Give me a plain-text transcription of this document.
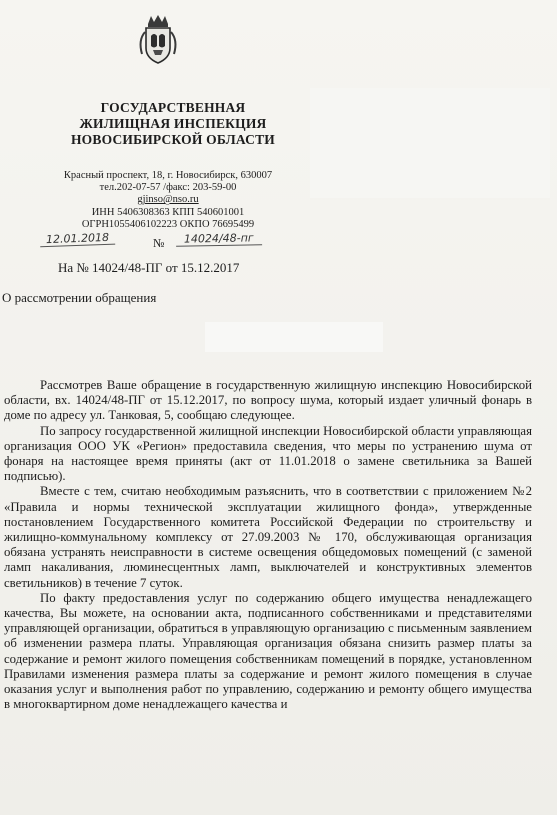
ГОСУДАРСТВЕННАЯ
ЖИЛИЩНАЯ ИНСПЕКЦИЯ
НОВОСИБИРСКОЙ ОБЛАСТИ
Красный проспект, 18, г. Новосибирск, 630007
тел.202-07-57 /факс: 203-59-00
gjinso@nso.ru
ИНН 5406308363 КПП 540601001
ОГРН1055406102223 ОКПО 76695499
12.01.2018	№	14024/48-пг
На № 14024/48-ПГ от 15.12.2017
О рассмотрении обращения

Рассмотрев Ваше обращение в государственную жилищную инспекцию Новосибирской области, вх. 14024/48-ПГ от 15.12.2017, по вопросу шума, который издает уличный фонарь в доме по адресу ул. Танковая, 5, сообщаю следующее.

По запросу государственной жилищной инспекции Новосибирской области управляющая организация ООО УК «Регион» предоставила сведения, что меры по устранению шума от фонаря на настоящее время приняты (акт от 11.01.2018 о замене светильника за Вашей подписью).

Вместе с тем, считаю необходимым разъяснить, что в соответствии с приложением №2 «Правила и нормы технической эксплуатации жилищного фонда», утвержденные постановлением Государственного комитета Российской Федерации по строительству и жилищно-коммунальному комплексу от 27.09.2003 № 170, обслуживающая организация обязана устранять неисправности в системе освещения общедомовых помещений (с заменой ламп накаливания, люминесцентных ламп, выключателей и конструктивных элементов светильников) в течение 7 суток.

По факту предоставления услуг по содержанию общего имущества ненадлежащего качества, Вы можете, на основании акта, подписанного собственниками и представителями управляющей организации, обратиться в управляющую организацию с письменным заявлением об изменении размера платы. Управляющая организация обязана снизить размер платы за содержание и ремонт жилого помещения собственникам помещений в порядке, установленном Правилами изменения размера платы за содержание и ремонт жилого помещения в случае оказания услуг и выполнения работ по управлению, содержанию и ремонту общего имущества в многоквартирном доме ненадлежащего качества и
